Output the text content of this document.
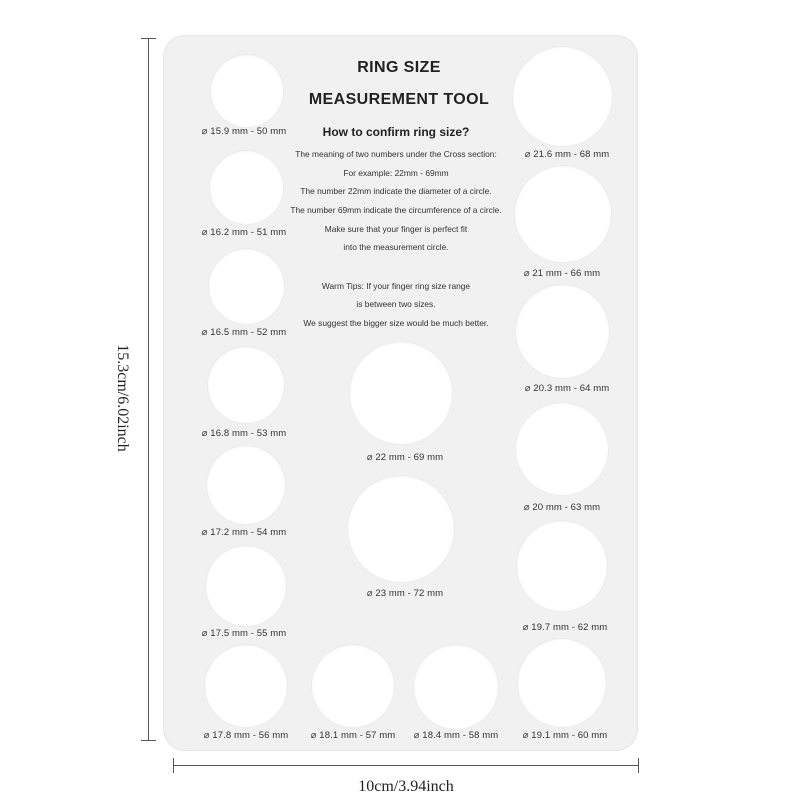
15.3cm/6.02inch
10cm/3.94inch
RING SIZE
MEASUREMENT TOOL
How to confirm ring size?
The meaning of two numbers under the Cross section:
For example: 22mm - 69mm
The number 22mm indicate the diameter of a circle.
The number 69mm indicate the circumference of a circle.
Make sure that your finger is perfect fit
into the measurement circle.
Warm Tips: If your finger ring size range
is between two sizes.
We suggest the bigger size would be much better.
⌀ 15.9 mm - 50 mm
⌀ 16.2 mm - 51 mm
⌀ 16.5 mm - 52 mm
⌀ 16.8 mm - 53 mm
⌀ 17.2 mm - 54 mm
⌀ 17.5 mm - 55 mm
⌀ 17.8 mm - 56 mm ⌀ 18.1 mm - 57 mm ⌀ 18.4 mm - 58 mm	⌀ 19.1 mm - 60 mm
⌀ 19.7 mm - 62 mm
⌀ 20 mm - 63 mm
⌀ 20.3 mm - 64 mm
⌀ 21 mm - 66 mm
⌀ 21.6 mm - 68 mm
⌀ 22 mm - 69 mm
⌀ 23 mm - 72 mm
